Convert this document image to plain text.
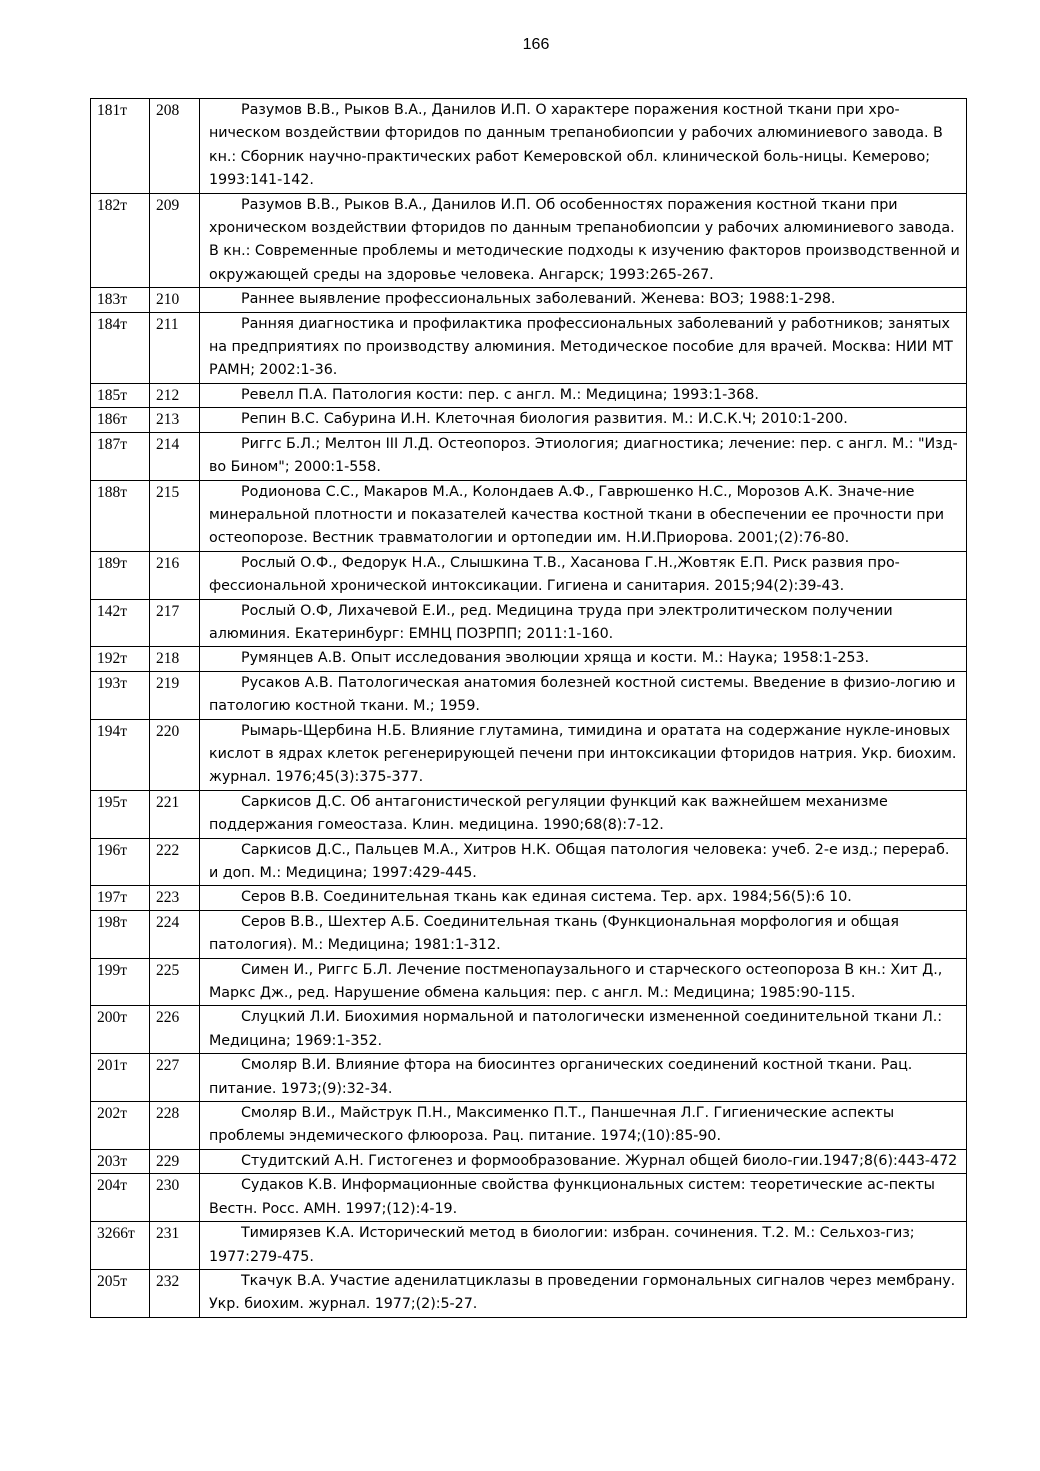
166
181т	208	Разумов В.В., Рыков В.А., Данилов И.П. О характере поражения костной ткани при хро-ническом воздействии фторидов по данным трепанобиопсии у рабочих алюминиевого завода. В кн.: Сборник научно-практических работ Кемеровской обл. клинической боль-ницы. Кемерово; 1993:141-142.
182т	209	Разумов В.В., Рыков В.А., Данилов И.П. Об особенностях поражения костной ткани при хроническом воздействии фторидов по данным трепанобиопсии у рабочих алюминиевого завода. В кн.: Современные проблемы и методические подходы к изучению факторов производственной и окружающей среды на здоровье человека. Ангарск; 1993:265-267.
183т	210	Раннее выявление профессиональных заболеваний. Женева: ВОЗ; 1988:1-298.
184т	211	Ранняя диагностика и профилактика профессиональных заболеваний у работников; занятых на предприятиях по производству алюминия. Методическое пособие для врачей. Москва: НИИ МТ РАМН; 2002:1-36.
185т	212	Ревелл П.А. Патология кости: пер. с англ. М.: Медицина; 1993:1-368.
186т	213	Репин В.С. Сабурина И.Н. Клеточная биология развития. М.: И.С.К.Ч; 2010:1-200.
187т	214	Риггс Б.Л.; Мелтон III Л.Д. Остеопороз. Этиология; диагностика; лечение: пер. с англ. М.: "Изд-во Бином"; 2000:1-558.
188т	215	Родионова С.С., Макаров М.А., Колондаев А.Ф., Гаврюшенко Н.С., Морозов А.К. Значе-ние минеральной плотности и показателей качества костной ткани в обеспечении ее прочности при остеопорозе. Вестник травматологии и ортопедии им. Н.И.Приорова. 2001;(2):76-80.
189т	216	Рослый О.Ф., Федорук Н.А., Слышкина Т.В., Хасанова Г.Н.,Жовтяк Е.П. Риск развия про-фессиональной хронической интоксикации. Гигиена и санитария. 2015;94(2):39-43.
142т	217	Рослый О.Ф, Лихачевой Е.И., ред. Медицина труда при электролитическом получении алюминия. Екатеринбург: ЕМНЦ ПОЗРПП; 2011:1-160.
192т	218	Румянцев А.В. Опыт исследования эволюции хряща и кости. М.: Наука; 1958:1-253.
193т	219	Русаков А.В. Патологическая анатомия болезней костной системы. Введение в физио-логию и патологию костной ткани. М.; 1959.
194т	220	Рымарь-Щербина Н.Б. Влияние глутамина, тимидина и оратата на содержание нукле-иновых кислот в ядрах клеток регенерирующей печени при интоксикации фторидов натрия. Укр. биохим. журнал. 1976;45(3):375-377.
195т	221	Саркисов Д.С. Об антагонистической регуляции функций как важнейшем механизме поддержания гомеостаза. Клин. медицина. 1990;68(8):7-12.
196т	222	Саркисов Д.С., Пальцев М.А., Хитров Н.К. Общая патология человека: учеб. 2-е изд.; перераб. и доп. М.: Медицина; 1997:429-445.
197т	223	Серов В.В. Соединительная ткань как единая система. Тер. арх. 1984;56(5):6 10.
198т	224	Серов В.В., Шехтер А.Б. Соединительная ткань (Функциональная морфология и общая патология). М.: Медицина; 1981:1-312.
199т	225	Симен И., Риггс Б.Л. Лечение постменопаузального и старческого остеопороза В кн.: Хит Д., Маркс Дж., ред. Нарушение обмена кальция: пер. с англ. М.: Медицина; 1985:90-115.
200т	226	Слуцкий Л.И. Биохимия нормальной и патологически измененной соединительной ткани Л.: Медицина; 1969:1-352.
201т	227	Смоляр В.И. Влияние фтора на биосинтез органических соединений костной ткани. Рац. питание. 1973;(9):32-34.
202т	228	Смоляр В.И., Майструк П.Н., Максименко П.Т., Паншечная Л.Г. Гигиенические аспекты проблемы эндемического флюороза. Рац. питание. 1974;(10):85-90.
203т	229	Студитский А.Н. Гистогенез и формообразование. Журнал общей биоло-гии.1947;8(6):443-472
204т	230	Судаков К.В. Информационные свойства функциональных систем: теоретические ас-пекты Вестн. Росс. АМН. 1997;(12):4-19.
3266т	231	Тимирязев К.А. Исторический метод в биологии: избран. сочинения. Т.2. М.: Сельхоз-гиз; 1977:279-475.
205т	232	Ткачук В.А. Участие аденилатциклазы в проведении гормональных сигналов через мембрану. Укр. биохим. журнал. 1977;(2):5-27.
